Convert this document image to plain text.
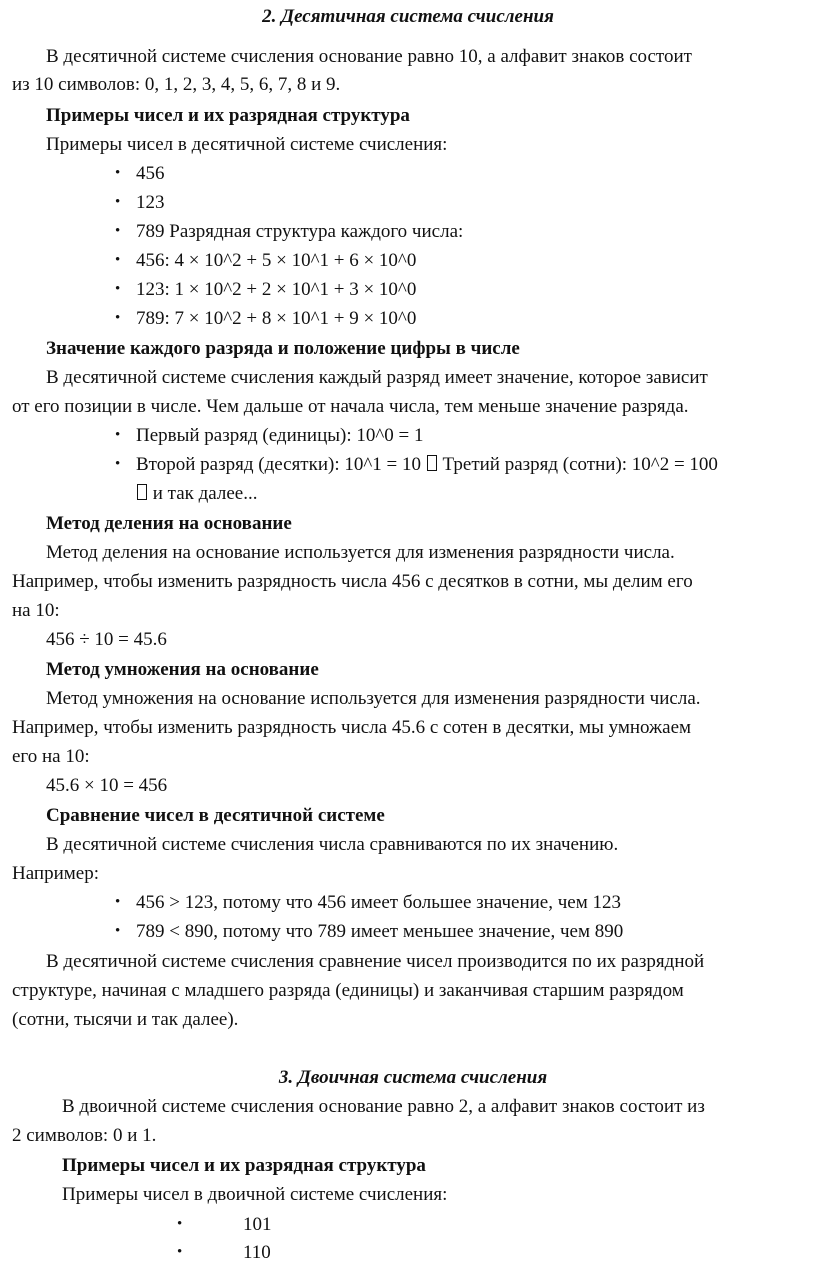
2. Десятичная система счисления
В десятичной системе счисления основание равно 10, а алфавит знаков состоит
из 10 символов: 0, 1, 2, 3, 4, 5, 6, 7, 8 и 9.
Примеры чисел и их разрядная структура
Примеры чисел в десятичной системе счисления:
• 456
• 123
• 789 Разрядная структура каждого числа:
• 456: 4 × 10^2 + 5 × 10^1 + 6 × 10^0
• 123: 1 × 10^2 + 2 × 10^1 + 3 × 10^0
• 789: 7 × 10^2 + 8 × 10^1 + 9 × 10^0
Значение каждого разряда и положение цифры в числе
В десятичной системе счисления каждый разряд имеет значение, которое зависит
от его позиции в числе. Чем дальше от начала числа, тем меньше значение разряда.
• Первый разряд (единицы): 10^0 = 1
• Второй разряд (десятки): 10^1 = 10 Третий разряд (сотни): 10^2 = 100
и так далее...
Метод деления на основание
Метод деления на основание используется для изменения разрядности числа.
Например, чтобы изменить разрядность числа 456 с десятков в сотни, мы делим его
на 10:
456 ÷ 10 = 45.6
Метод умножения на основание
Метод умножения на основание используется для изменения разрядности числа.
Например, чтобы изменить разрядность числа 45.6 с сотен в десятки, мы умножаем
его на 10:
45.6 × 10 = 456
Сравнение чисел в десятичной системе
В десятичной системе счисления числа сравниваются по их значению.
Например:
• 456 > 123, потому что 456 имеет большее значение, чем 123
• 789 < 890, потому что 789 имеет меньшее значение, чем 890
В десятичной системе счисления сравнение чисел производится по их разрядной
структуре, начиная с младшего разряда (единицы) и заканчивая старшим разрядом
(сотни, тысячи и так далее).
3. Двоичная система счисления
В двоичной системе счисления основание равно 2, а алфавит знаков состоит из
2 символов: 0 и 1.
Примеры чисел и их разрядная структура
Примеры чисел в двоичной системе счисления:
•	101
•	110
